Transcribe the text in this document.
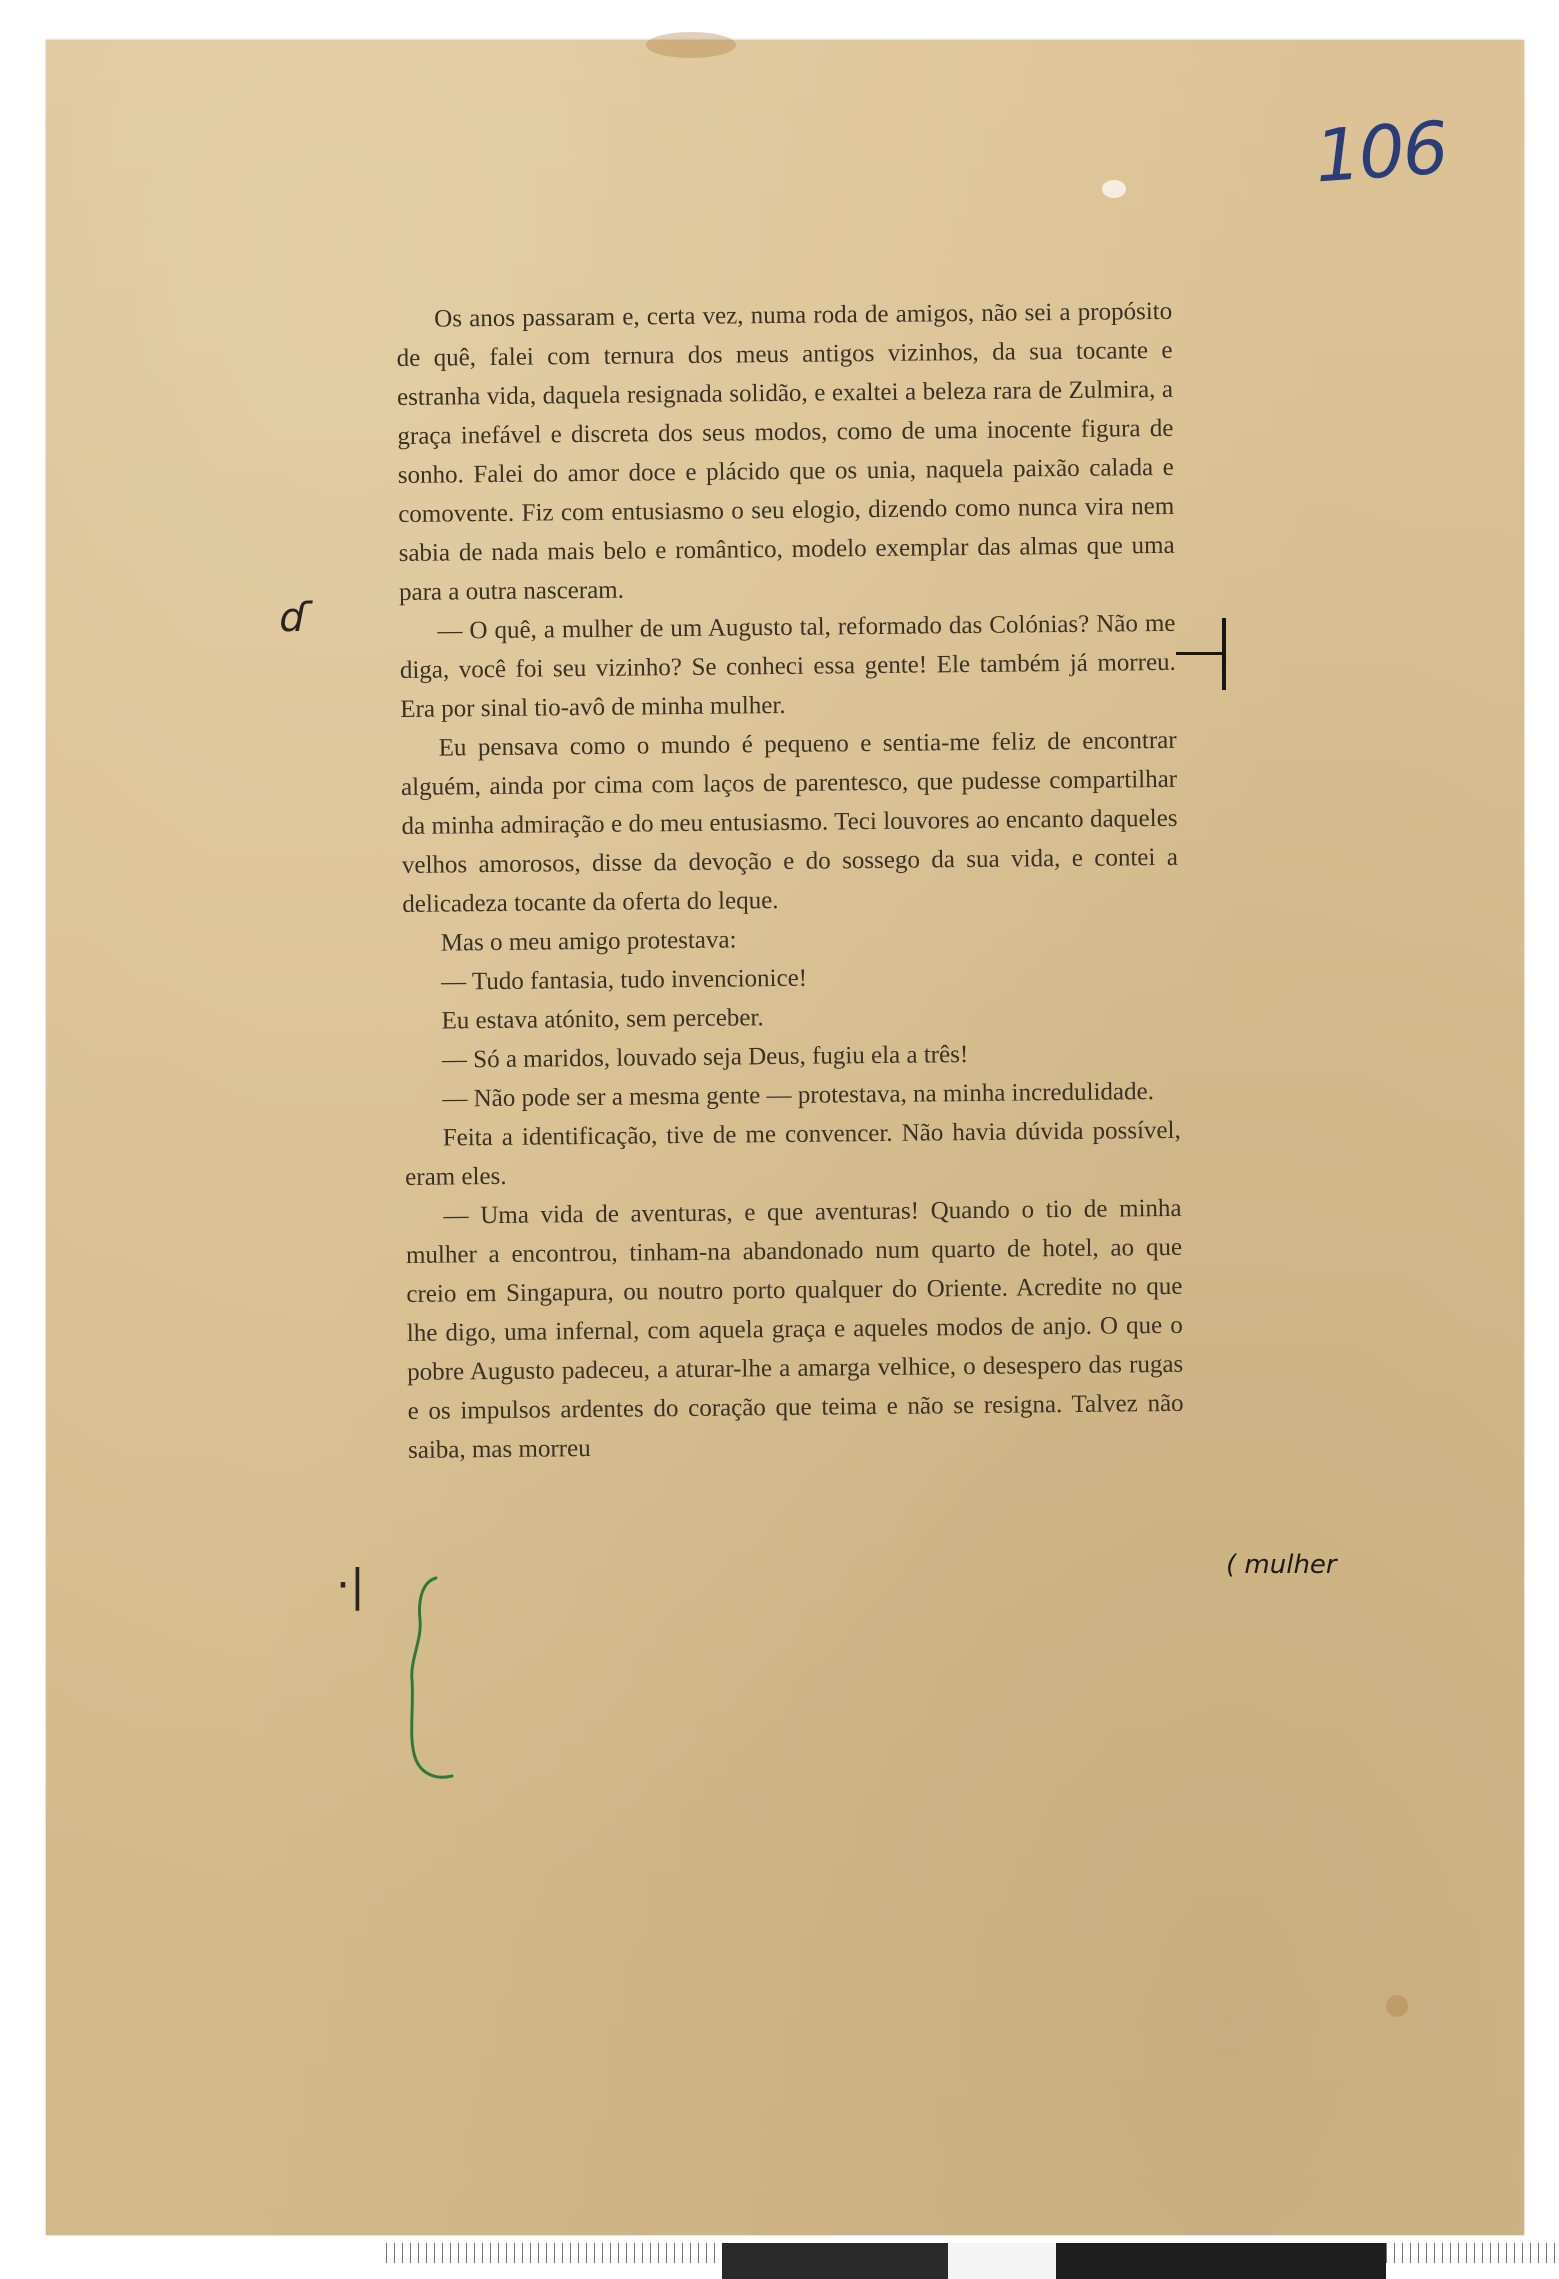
106

Os anos passaram e, certa vez, numa roda de amigos, não sei a propósito de quê, falei com ternura dos meus antigos vizinhos, da sua tocante e estranha vida, daquela resignada solidão, e exaltei a beleza rara de Zulmira, a graça inefável e discreta dos seus modos, como de uma inocente figura de sonho. Falei do amor doce e plácido que os unia, naquela paixão calada e comovente. Fiz com entusiasmo o seu elogio, dizendo como nunca vira nem sabia de nada mais belo e romântico, modelo exemplar das almas que uma para a outra nasceram.

— O quê, a mulher de um Augusto tal, reformado das Colónias? Não me diga, você foi seu vizinho? Se conheci essa gente! Ele também já morreu. Era por sinal tio-avô de minha mulher.

Eu pensava como o mundo é pequeno e sentia-me feliz de encontrar alguém, ainda por cima com laços de parentesco, que pudesse compartilhar da minha admiração e do meu entusiasmo. Teci louvores ao encanto daqueles velhos amorosos, disse da devoção e do sossego da sua vida, e contei a delicadeza tocante da oferta do leque.

Mas o meu amigo protestava:

— Tudo fantasia, tudo invencionice!

Eu estava atónito, sem perceber.

— Só a maridos, louvado seja Deus, fugiu ela a três!

— Não pode ser a mesma gente — protestava, na minha incredulidade.

Feita a identificação, tive de me convencer. Não havia dúvida possível, eram eles.

— Uma vida de aventuras, e que aventuras! Quando o tio de minha mulher a encontrou, tinham-na abandonado num quarto de hotel, ao que creio em Singapura, ou noutro porto qualquer do Oriente. Acredite no que lhe digo, uma infernal, com aquela graça e aqueles modos de anjo. O que o pobre Augusto padeceu, a aturar-lhe a amarga velhice, o desespero das rugas e os impulsos ardentes do coração que teima e não se resigna. Talvez não saiba, mas morreu

ɗ
·|	( mulher
